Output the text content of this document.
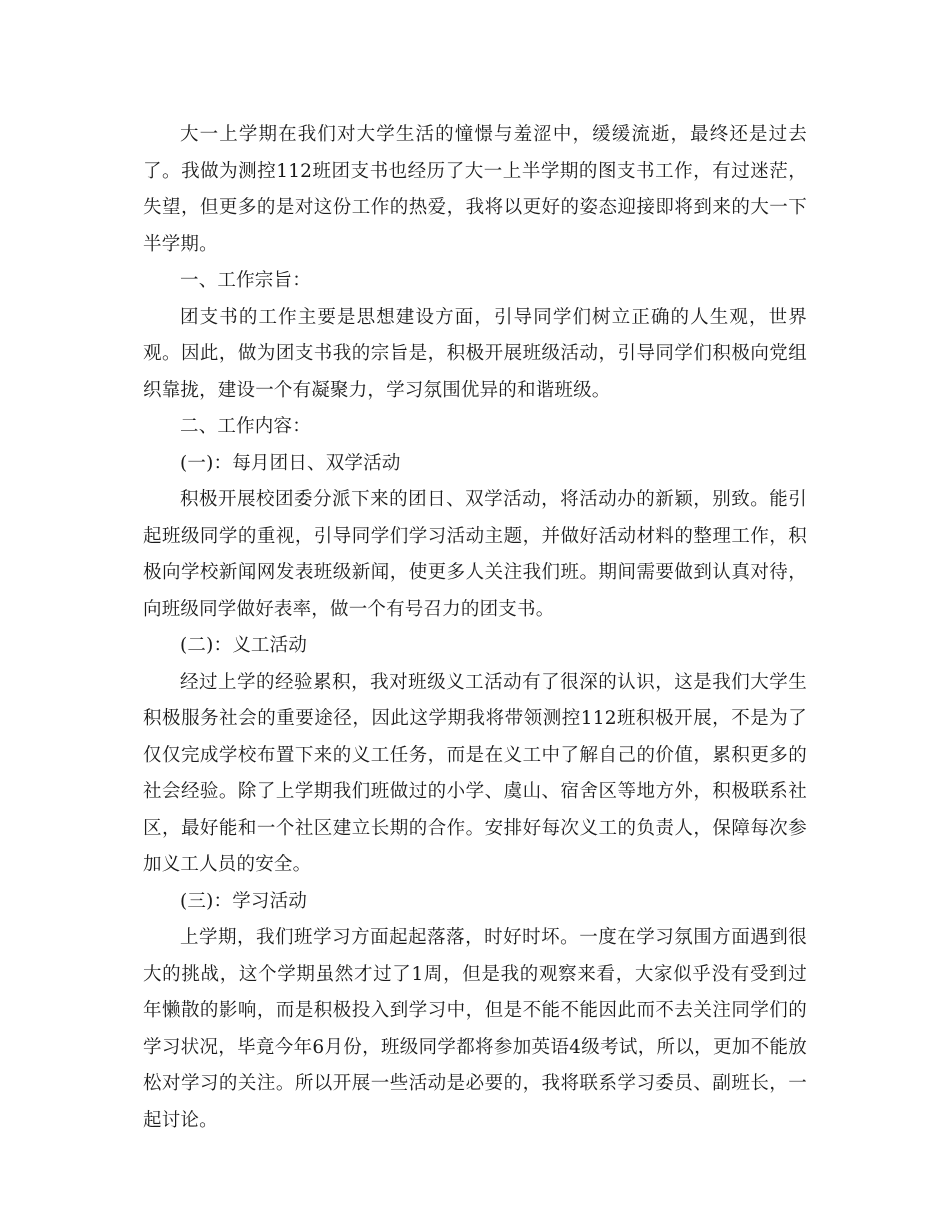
大一上学期在我们对大学生活的憧憬与羞涩中，缓缓流逝，最终还是过去了。我做为测控112班团支书也经历了大一上半学期的图支书工作，有过迷茫，失望，但更多的是对这份工作的热爱，我将以更好的姿态迎接即将到来的大一下半学期。

一、工作宗旨：

团支书的工作主要是思想建设方面，引导同学们树立正确的人生观，世界观。因此，做为团支书我的宗旨是，积极开展班级活动，引导同学们积极向党组织靠拢，建设一个有凝聚力，学习氛围优异的和谐班级。

二、工作内容：

(一)：每月团日、双学活动

积极开展校团委分派下来的团日、双学活动，将活动办的新颖，别致。能引起班级同学的重视，引导同学们学习活动主题，并做好活动材料的整理工作，积极向学校新闻网发表班级新闻，使更多人关注我们班。期间需要做到认真对待，向班级同学做好表率，做一个有号召力的团支书。

(二)：义工活动

经过上学的经验累积，我对班级义工活动有了很深的认识，这是我们大学生积极服务社会的重要途径，因此这学期我将带领测控112班积极开展，不是为了仅仅完成学校布置下来的义工任务，而是在义工中了解自己的价值，累积更多的社会经验。除了上学期我们班做过的小学、虞山、宿舍区等地方外，积极联系社区，最好能和一个社区建立长期的合作。安排好每次义工的负责人，保障每次参加义工人员的安全。

(三)：学习活动

上学期，我们班学习方面起起落落，时好时坏。一度在学习氛围方面遇到很大的挑战，这个学期虽然才过了1周，但是我的观察来看，大家似乎没有受到过年懒散的影响，而是积极投入到学习中，但是不能不能因此而不去关注同学们的学习状况，毕竟今年6月份，班级同学都将参加英语4级考试，所以，更加不能放松对学习的关注。所以开展一些活动是必要的，我将联系学习委员、副班长，一起讨论。
